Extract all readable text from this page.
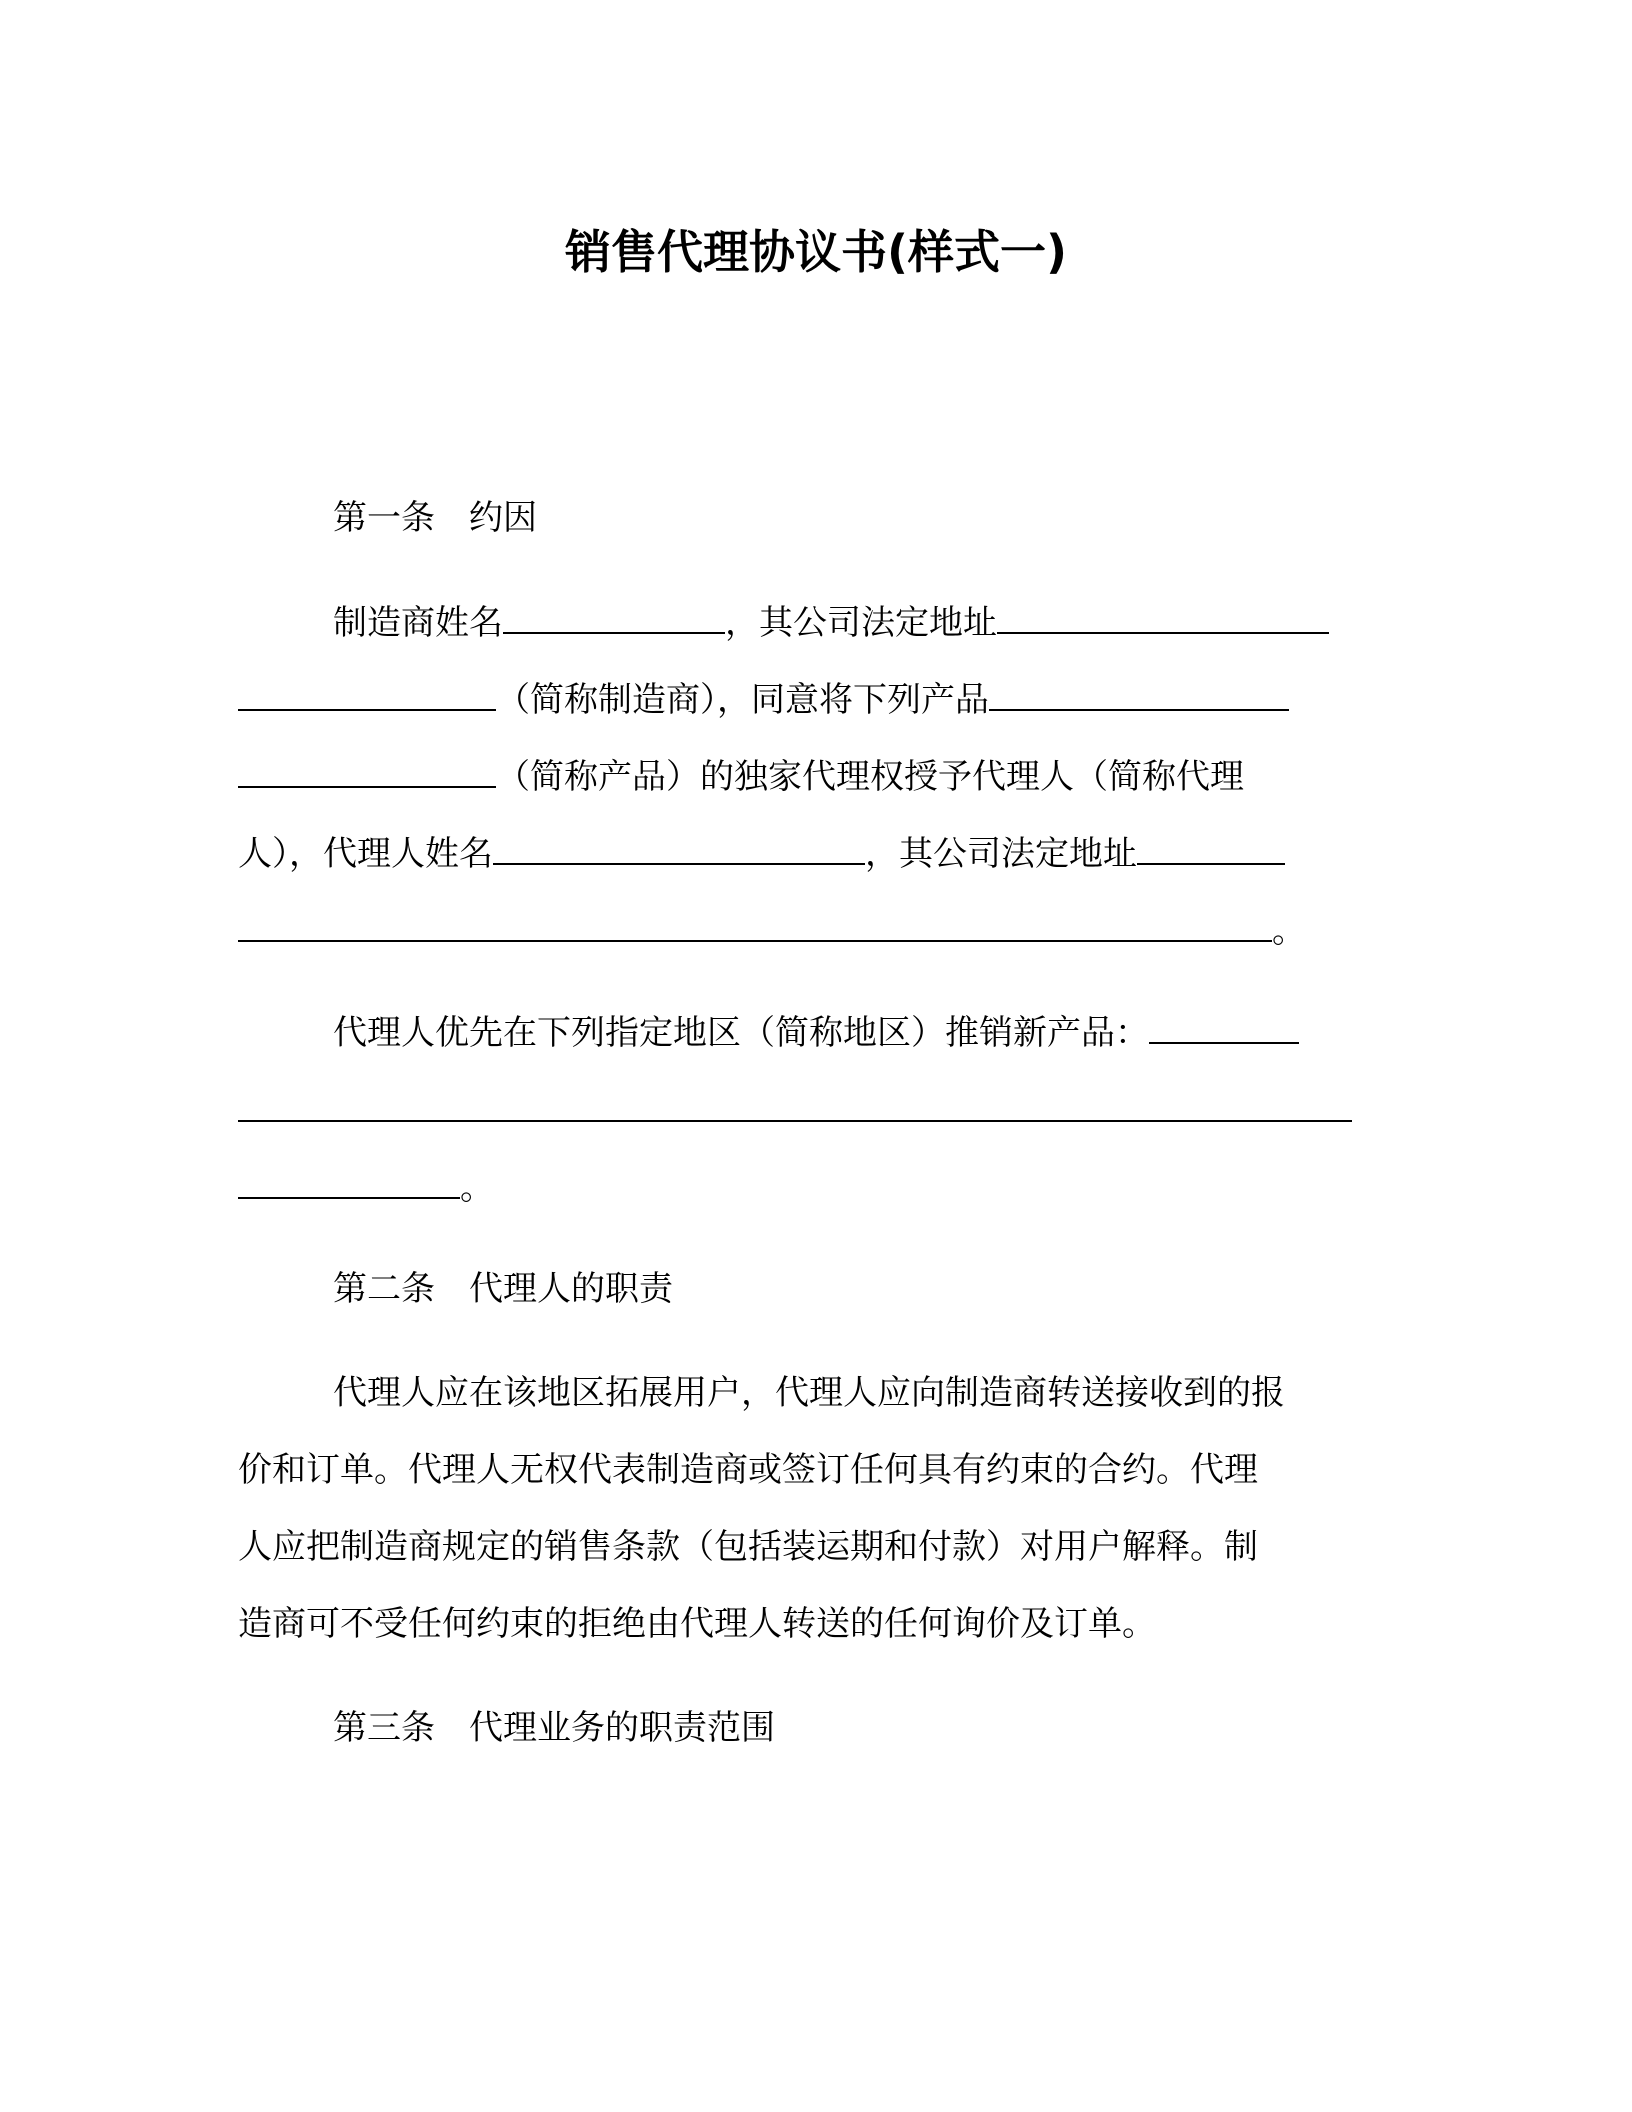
销售代理协议书(样式一)
第一条　约因
制造商姓名	，其公司法定地址
（简称制造商），同意将下列产品
（简称产品）的独家代理权授予代理人（简称代理
人），代理人姓名	，其公司法定地址
。
代理人优先在下列指定地区（简称地区）推销新产品：
。
第二条　代理人的职责
代理人应在该地区拓展用户，代理人应向制造商转送接收到的报
价和订单。代理人无权代表制造商或签订任何具有约束的合约。代理
人应把制造商规定的销售条款（包括装运期和付款）对用户解释。制
造商可不受任何约束的拒绝由代理人转送的任何询价及订单。
第三条　代理业务的职责范围
